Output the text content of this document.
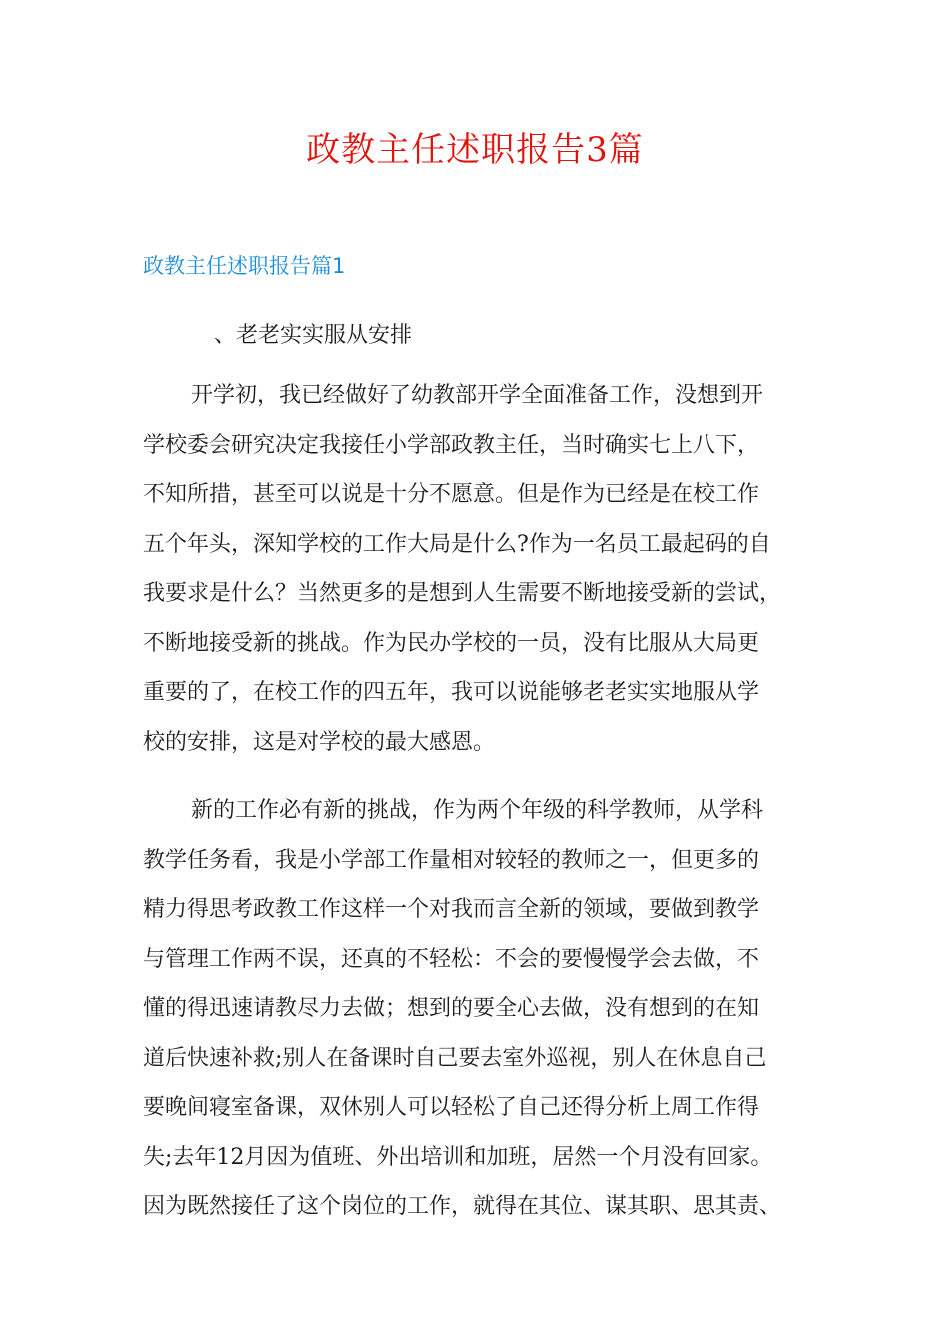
政教主任述职报告3篇
政教主任述职报告篇1
、老老实实服从安排
开学初，我已经做好了幼教部开学全面准备工作，没想到开
学校委会研究决定我接任小学部政教主任，当时确实七上八下，
不知所措，甚至可以说是十分不愿意。但是作为已经是在校工作
五个年头，深知学校的工作大局是什么?作为一名员工最起码的自
我要求是什么？当然更多的是想到人生需要不断地接受新的尝试，
不断地接受新的挑战。作为民办学校的一员，没有比服从大局更
重要的了，在校工作的四五年，我可以说能够老老实实地服从学
校的安排，这是对学校的最大感恩。
新的工作必有新的挑战，作为两个年级的科学教师，从学科
教学任务看，我是小学部工作量相对较轻的教师之一，但更多的
精力得思考政教工作这样一个对我而言全新的领域，要做到教学
与管理工作两不误，还真的不轻松：不会的要慢慢学会去做，不
懂的得迅速请教尽力去做；想到的要全心去做，没有想到的在知
道后快速补救;别人在备课时自己要去室外巡视，别人在休息自己
要晚间寝室备课，双休别人可以轻松了自己还得分析上周工作得
失;去年12月因为值班、外出培训和加班，居然一个月没有回家。
因为既然接任了这个岗位的工作，就得在其位、谋其职、思其责、
